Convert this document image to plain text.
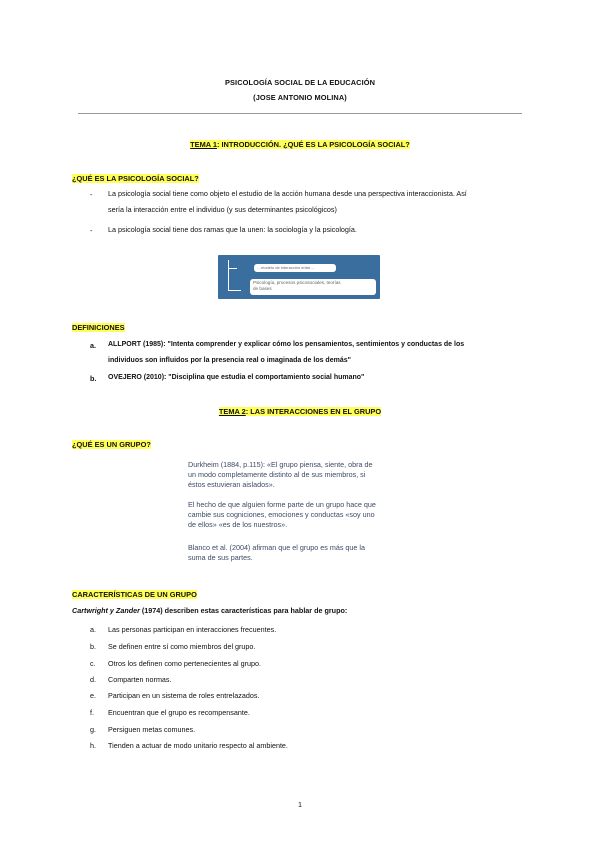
PSICOLOGÍA SOCIAL DE LA EDUCACIÓN
(JOSE ANTONIO MOLINA)
TEMA 1: INTRODUCCIÓN. ¿QUÉ ES LA PSICOLOGÍA SOCIAL?
¿QUÉ ES LA PSICOLOGÍA SOCIAL?
- La psicología social tiene como objeto el estudio de la acción humana desde una perspectiva interaccionista. Así
sería la interacción entre el individuo (y sus determinantes psicológicos)
- La psicología social tiene dos ramas que la unen: la sociología y la psicología.
…modelo de interacción entre…
Psicología, procesos psicosociales, teorías
de bases
DEFINICIONES
a. ALLPORT (1985): "Intenta comprender y explicar cómo los pensamientos, sentimientos y conductas de los
individuos son influidos por la presencia real o imaginada de los demás"
b. OVEJERO (2010): "Disciplina que estudia el comportamiento social humano"
TEMA 2: LAS INTERACCIONES EN EL GRUPO
¿QUÉ ES UN GRUPO?
Durkheim (1884, p.115): «El grupo piensa, siente, obra de
un modo completamente distinto al de sus miembros, si
éstos estuvieran aislados».
El hecho de que alguien forme parte de un grupo hace que
cambie sus cogniciones, emociones y conductas «soy uno
de ellos» «es de los nuestros».
Blanco et al. (2004) afirman que el grupo es más que la
suma de sus partes.
CARACTERÍSTICAS DE UN GRUPO
Cartwright y Zander (1974) describen estas características para hablar de grupo:
a. Las personas participan en interacciones frecuentes.
b. Se definen entre sí como miembros del grupo.
c. Otros los definen como pertenecientes al grupo.
d. Comparten normas.
e. Participan en un sistema de roles entrelazados.
f. Encuentran que el grupo es recompensante.
g. Persiguen metas comunes.
h. Tienden a actuar de modo unitario respecto al ambiente.
1
